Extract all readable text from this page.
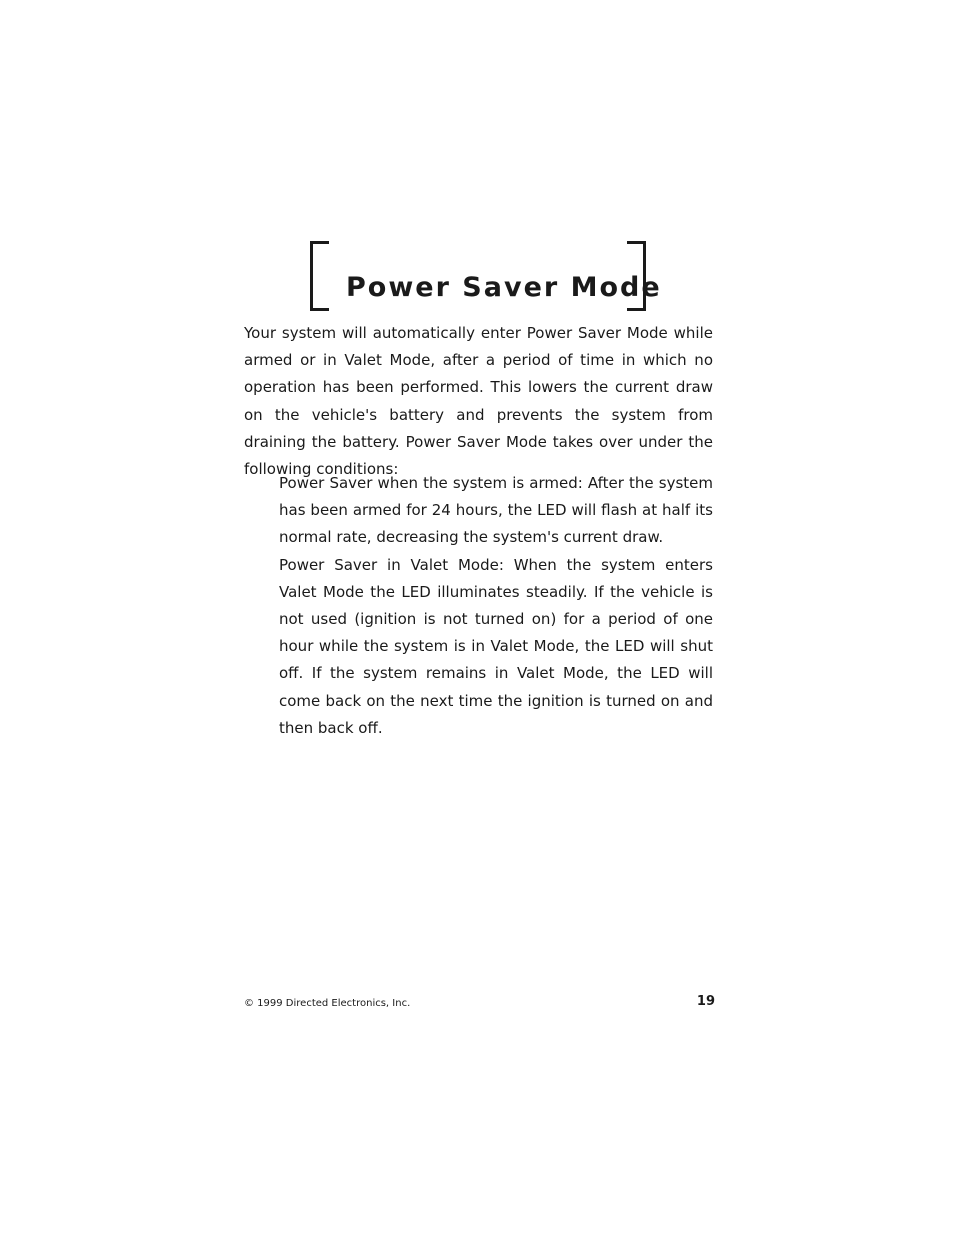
Power Saver Mode

Your system will automatically enter Power Saver Mode while armed or in Valet Mode, after a period of time in which no operation has been performed. This lowers the current draw on the vehicle's battery and prevents the system from draining the battery. Power Saver Mode takes over under the following conditions:

Power Saver when the system is armed: After the system has been armed for 24 hours, the LED will flash at half its normal rate, decreasing the system's current draw.

Power Saver in Valet Mode: When the system enters Valet Mode the LED illuminates steadily. If the vehicle is not used (ignition is not turned on) for a period of one hour while the system is in Valet Mode, the LED will shut off. If the system remains in Valet Mode, the LED will come back on the next time the ignition is turned on and then back off.

© 1999 Directed Electronics, Inc.	19
